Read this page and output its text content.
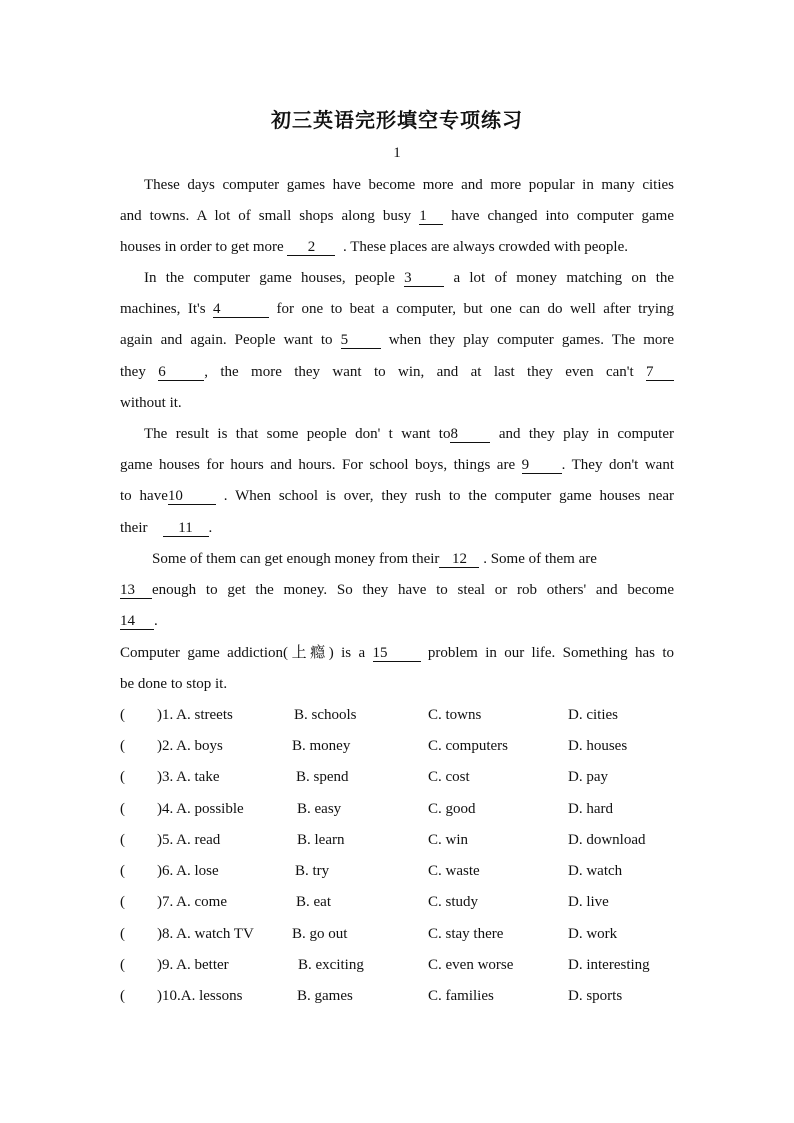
初三英语完形填空专项练习
1
These days computer games have become more and more popular in many cities
and towns. A lot of small shops along busy 1 have changed into computer game
houses in order to get more 2 . These places are always crowded with people.
In the computer game houses, people 3	a lot of money matching on the
machines, It's 4	for one to beat a computer, but one can do well after trying
again and again. People want to 5	when they play computer games. The more
they 6	, the more they want to win, and at last they even can't 7
without it.
The result is that some people don' t want to8	and they play in computer
game houses for hours and hours. For school boys, things are 9 . They don't want
to have10	. When school is over, they rush to the computer game houses near
their 11 .
Some of them can get enough money from their 12 . Some of them are
13 enough to get the money. So they have to steal or rob others' and become
14 .
Computer game addiction(上瘾) is a 15	problem in our life. Something has to
be done to stop it.
( )1. A. streets	B. schools	C. towns	D. cities
( )2. A. boys	B. money	C. computers	D. houses
( )3. A. take	B. spend	C. cost	D. pay
( )4. A. possible	B. easy	C. good	D. hard
( )5. A. read	B. learn	C. win	D. download
( )6. A. lose	B. try	C. waste	D. watch
( )7. A. come	B. eat	C. study	D. live
( )8. A. watch TV	B. go out	C. stay there	D. work
( )9. A. better	B. exciting	C. even worse	D. interesting
( )10.A. lessons	B. games	C. families	D. sports
